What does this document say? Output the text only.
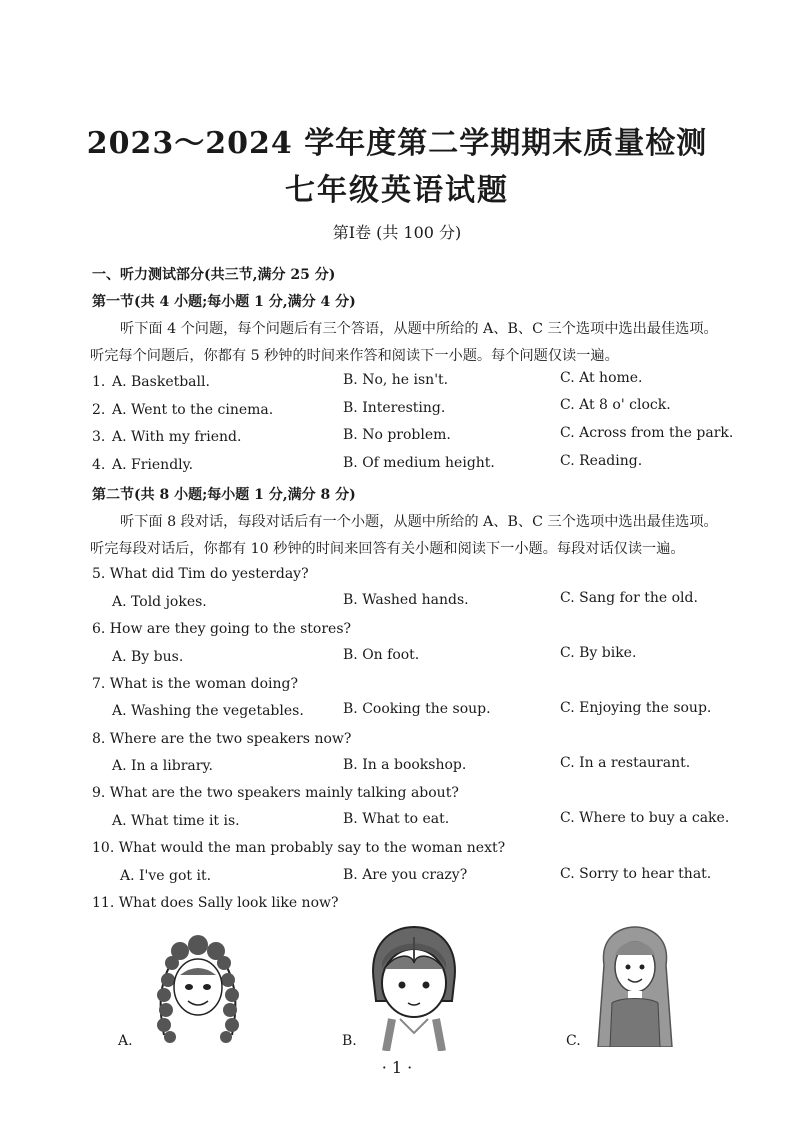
2023～2024 学年度第二学期期末质量检测
七年级英语试题
第Ⅰ卷 (共 100 分)
一、听力测试部分(共三节,满分 25 分)
第一节(共 4 小题;每小题 1 分,满分 4 分)
听下面 4 个问题，每个问题后有三个答语，从题中所给的 A、B、C 三个选项中选出最佳选项。
听完每个问题后，你都有 5 秒钟的时间来作答和阅读下一小题。每个问题仅读一遍。
1. A. Basketball.	B. No, he isn't.	C. At home.
2. A. Went to the cinema.	B. Interesting.	C. At 8 o' clock.
3. A. With my friend.	B. No problem.	C. Across from the park.
4. A. Friendly.	B. Of medium height.	C. Reading.
第二节(共 8 小题;每小题 1 分,满分 8 分)
听下面 8 段对话，每段对话后有一个小题，从题中所给的 A、B、C 三个选项中选出最佳选项。
听完每段对话后，你都有 10 秒钟的时间来回答有关小题和阅读下一小题。每段对话仅读一遍。
5. What did Tim do yesterday?
A. Told jokes.	B. Washed hands.	C. Sang for the old.
6. How are they going to the stores?
A. By bus.	B. On foot.	C. By bike.
7. What is the woman doing?
A. Washing the vegetables.	B. Cooking the soup.	C. Enjoying the soup.
8. Where are the two speakers now?
A. In a library.	B. In a bookshop.	C. In a restaurant.
9. What are the two speakers mainly talking about?
A. What time it is.	B. What to eat.	C. Where to buy a cake.
10. What would the man probably say to the woman next?
A. I've got it.	B. Are you crazy?	C. Sorry to hear that.
11. What does Sally look like now?
A.	B.	C.
· 1 ·
